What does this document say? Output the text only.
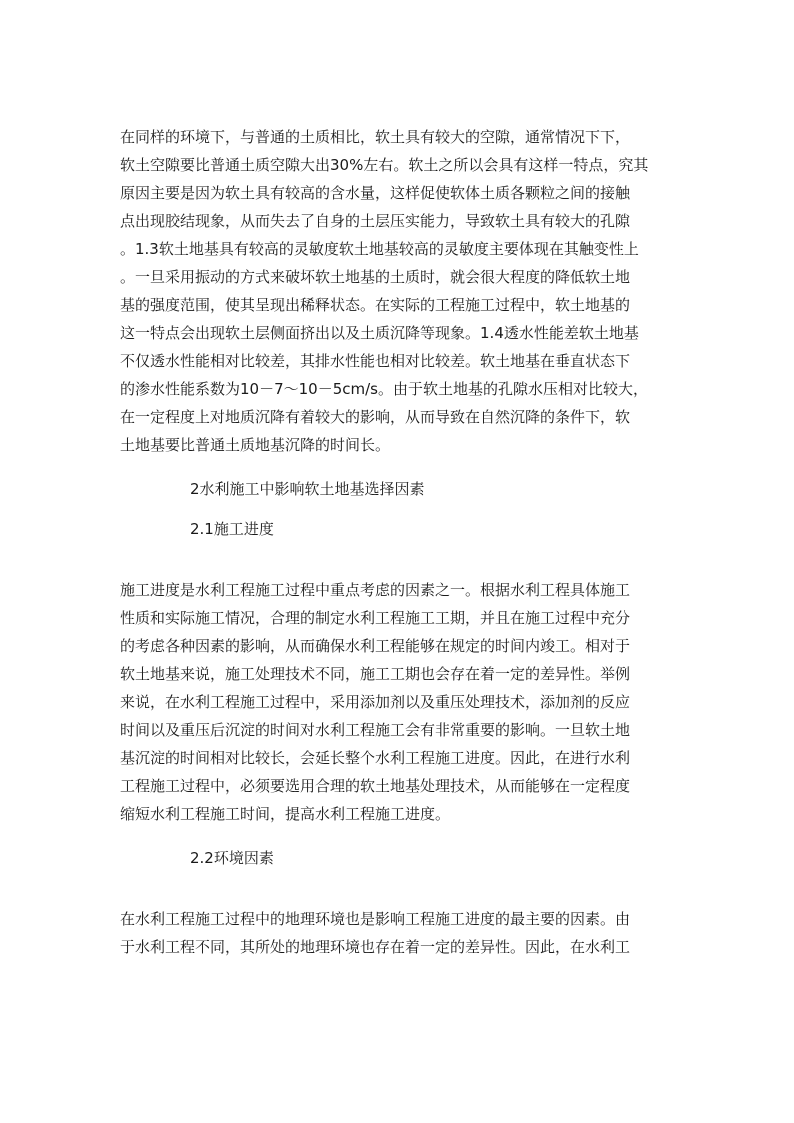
在同样的环境下，与普通的土质相比，软土具有较大的空隙，通常情况下下，
软土空隙要比普通土质空隙大出30%左右。软土之所以会具有这样一特点，究其
原因主要是因为软土具有较高的含水量，这样促使软体土质各颗粒之间的接触
点出现胶结现象，从而失去了自身的土层压实能力，导致软土具有较大的孔隙
。1.3软土地基具有较高的灵敏度软土地基较高的灵敏度主要体现在其触变性上
。一旦采用振动的方式来破坏软土地基的土质时，就会很大程度的降低软土地
基的强度范围，使其呈现出稀释状态。在实际的工程施工过程中，软土地基的
这一特点会出现软土层侧面挤出以及土质沉降等现象。1.4透水性能差软土地基
不仅透水性能相对比较差，其排水性能也相对比较差。软土地基在垂直状态下
的渗水性能系数为10－7～10－5cm/s。由于软土地基的孔隙水压相对比较大，
在一定程度上对地质沉降有着较大的影响，从而导致在自然沉降的条件下，软
土地基要比普通土质地基沉降的时间长。
2水利施工中影响软土地基选择因素
2.1施工进度
施工进度是水利工程施工过程中重点考虑的因素之一。根据水利工程具体施工
性质和实际施工情况，合理的制定水利工程施工工期，并且在施工过程中充分
的考虑各种因素的影响，从而确保水利工程能够在规定的时间内竣工。相对于
软土地基来说，施工处理技术不同，施工工期也会存在着一定的差异性。举例
来说，在水利工程施工过程中，采用添加剂以及重压处理技术，添加剂的反应
时间以及重压后沉淀的时间对水利工程施工会有非常重要的影响。一旦软土地
基沉淀的时间相对比较长，会延长整个水利工程施工进度。因此，在进行水利
工程施工过程中，必须要选用合理的软土地基处理技术，从而能够在一定程度
缩短水利工程施工时间，提高水利工程施工进度。
2.2环境因素
在水利工程施工过程中的地理环境也是影响工程施工进度的最主要的因素。由
于水利工程不同，其所处的地理环境也存在着一定的差异性。因此，在水利工
